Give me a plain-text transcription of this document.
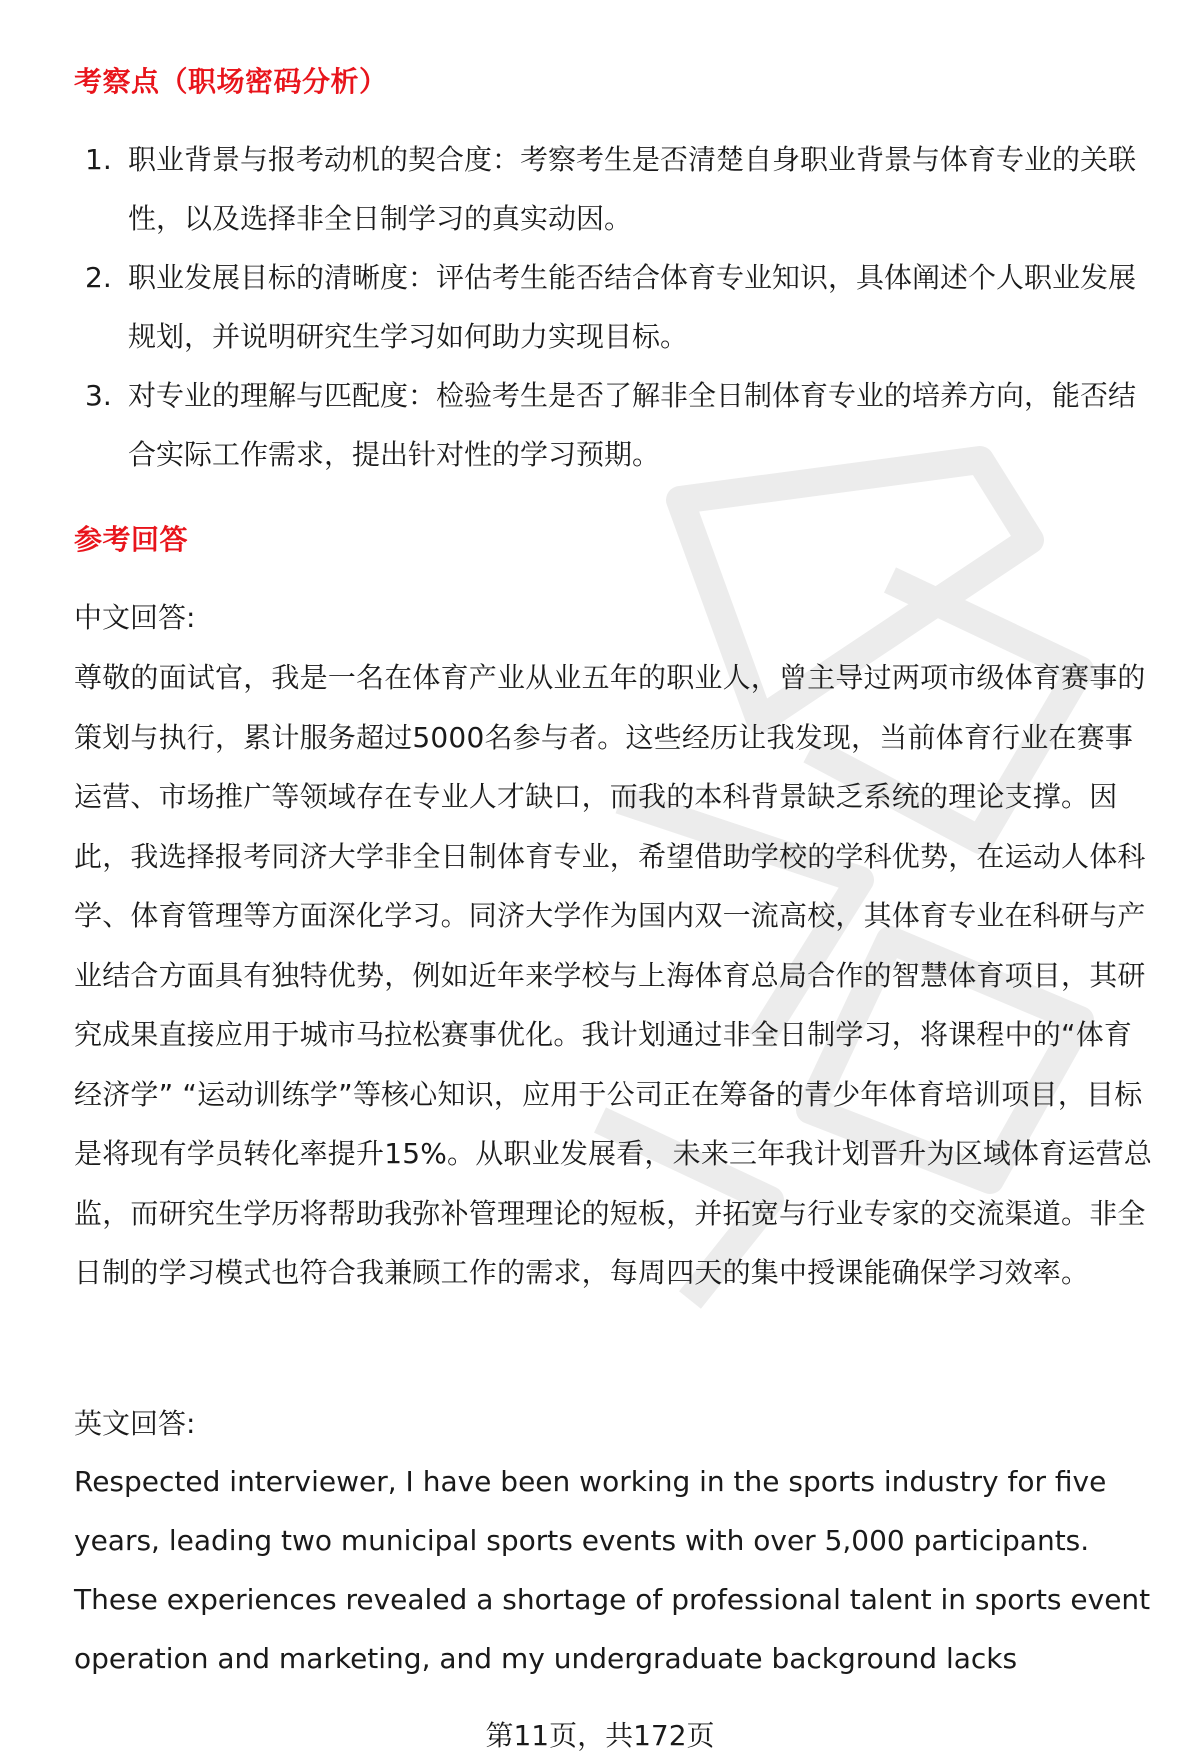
考察点（职场密码分析）
1. 职业背景与报考动机的契合度：考察考生是否清楚自身职业背景与体育专业的关联性，以及选择非全日制学习的真实动因。
2. 职业发展目标的清晰度：评估考生能否结合体育专业知识，具体阐述个人职业发展规划，并说明研究生学习如何助力实现目标。
3. 对专业的理解与匹配度：检验考生是否了解非全日制体育专业的培养方向，能否结合实际工作需求，提出针对性的学习预期。
参考回答
中文回答:

尊敬的面试官，我是一名在体育产业从业五年的职业人，曾主导过两项市级体育赛事的策划与执行，累计服务超过5000名参与者。这些经历让我发现，当前体育行业在赛事运营、市场推广等领域存在专业人才缺口，而我的本科背景缺乏系统的理论支撑。因此，我选择报考同济大学非全日制体育专业，希望借助学校的学科优势，在运动人体科学、体育管理等方面深化学习。同济大学作为国内双一流高校，其体育专业在科研与产业结合方面具有独特优势，例如近年来学校与上海体育总局合作的智慧体育项目，其研究成果直接应用于城市马拉松赛事优化。我计划通过非全日制学习，将课程中的“体育经济学” “运动训练学”等核心知识，应用于公司正在筹备的青少年体育培训项目，目标是将现有学员转化率提升15%。从职业发展看，未来三年我计划晋升为区域体育运营总监，而研究生学历将帮助我弥补管理理论的短板，并拓宽与行业专家的交流渠道。非全日制的学习模式也符合我兼顾工作的需求，每周四天的集中授课能确保学习效率。

英文回答:

Respected interviewer, I have been working in the sports industry for five years, leading two municipal sports events with over 5,000 participants. These experiences revealed a shortage of professional talent in sports event operation and marketing, and my undergraduate background lacks

第11页，共172页
